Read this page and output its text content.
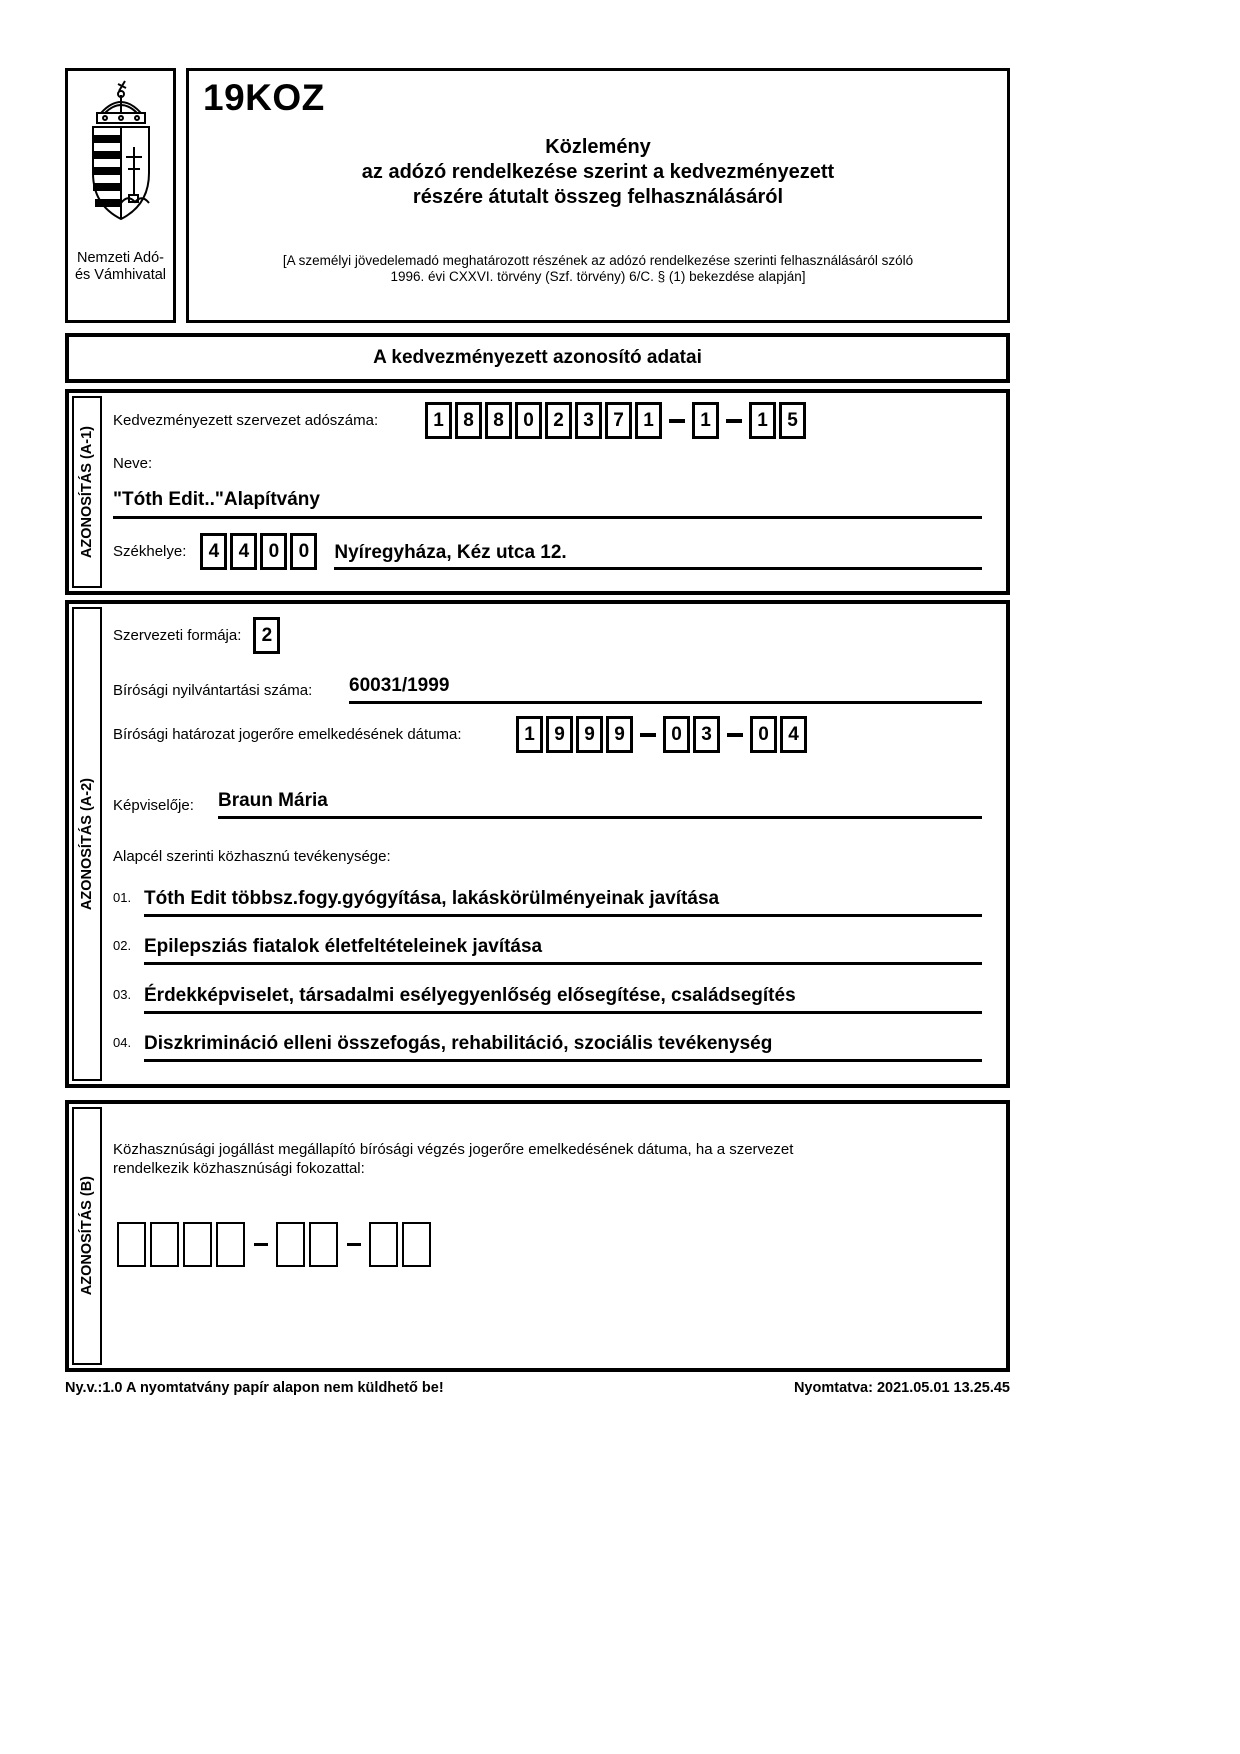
Nemzeti Adó-
és Vámhivatal
19KOZ
Közlemény
az adózó rendelkezése szerint a kedvezményezett
részére átutalt összeg felhasználásáról
[A személyi jövedelemadó meghatározott részének az adózó rendelkezése szerinti felhasználásáról szóló
1996. évi CXXVI. törvény (Szf. törvény) 6/C. § (1) bekezdése alapján]
A kedvezményezett azonosító adatai
AZONOSÍTÁS (A-1)
Kedvezményezett szervezet adószáma:	1	8	8	0	2	3	7	1	1	1	5
Neve:
"Tóth Edit.."Alapítvány
Székhelye:	4	4	0	0	Nyíregyháza, Kéz utca 12.
AZONOSÍTÁS (A-2)
Szervezeti formája:	2
Bírósági nyilvántartási száma:	60031/1999
Bírósági határozat jogerőre emelkedésének dátuma:	1	9	9	9	0	3	0	4
Képviselője:	Braun Mária
Alapcél szerinti közhasznú tevékenysége:
01. Tóth Edit többsz.fogy.gyógyítása, lakáskörülményeinak javítása
02. Epilepsziás fiatalok életfeltételeinek javítása
03. Érdekképviselet, társadalmi esélyegyenlőség elősegítése, családsegítés
04. Diszkrimináció elleni összefogás, rehabilitáció, szociális tevékenység
AZONOSÍTÁS (B)
Közhasznúsági jogállást megállapító bírósági végzés jogerőre emelkedésének dátuma, ha a szervezet
rendelkezik közhasznúsági fokozattal:
Ny.v.:1.0 A nyomtatvány papír alapon nem küldhető be!	Nyomtatva: 2021.05.01 13.25.45
